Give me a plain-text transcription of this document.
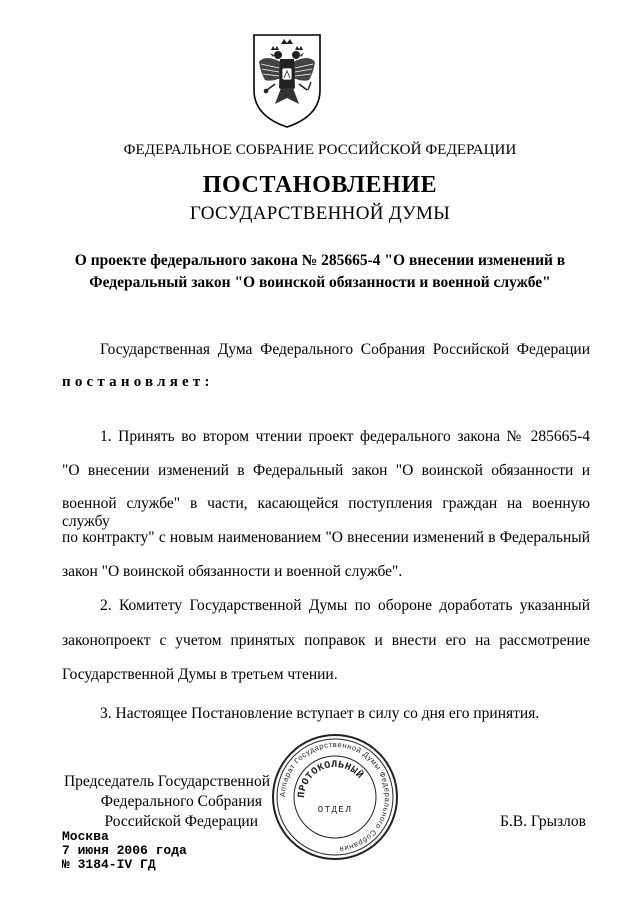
ФЕДЕРАЛЬНОЕ СОБРАНИЕ РОССИЙСКОЙ ФЕДЕРАЦИИ
ПОСТАНОВЛЕНИЕ
ГОСУДАРСТВЕННОЙ ДУМЫ
О проекте федерального закона № 285665-4 "О внесении изменений в
Федеральный закон "О воинской обязанности и военной службе"
Государственная Дума Федерального Собрания Российской Федерации
постановляет:
1. Принять во втором чтении проект федерального закона № 285665-4
"О внесении изменений в Федеральный закон "О воинской обязанности и
военной службе" в части, касающейся поступления граждан на военную службу
по контракту" с новым наименованием "О внесении изменений в Федеральный
закон "О воинской обязанности и военной службе".
2. Комитету Государственной Думы по обороне доработать указанный
законопроект с учетом принятых поправок и внести его на рассмотрение
Государственной Думы в третьем чтении.
3. Настоящее Постановление вступает в силу со дня его принятия.
Аппарат Государственной Думы Федерального Собрания
ПРОТОКОЛЬНЫЙ
ОТДЕЛ
Председатель Государственной
Федерального Собрания
Российской Федерации	Б.В. Грызлов
Москва
7 июня 2006 года
№ 3184-IV ГД
